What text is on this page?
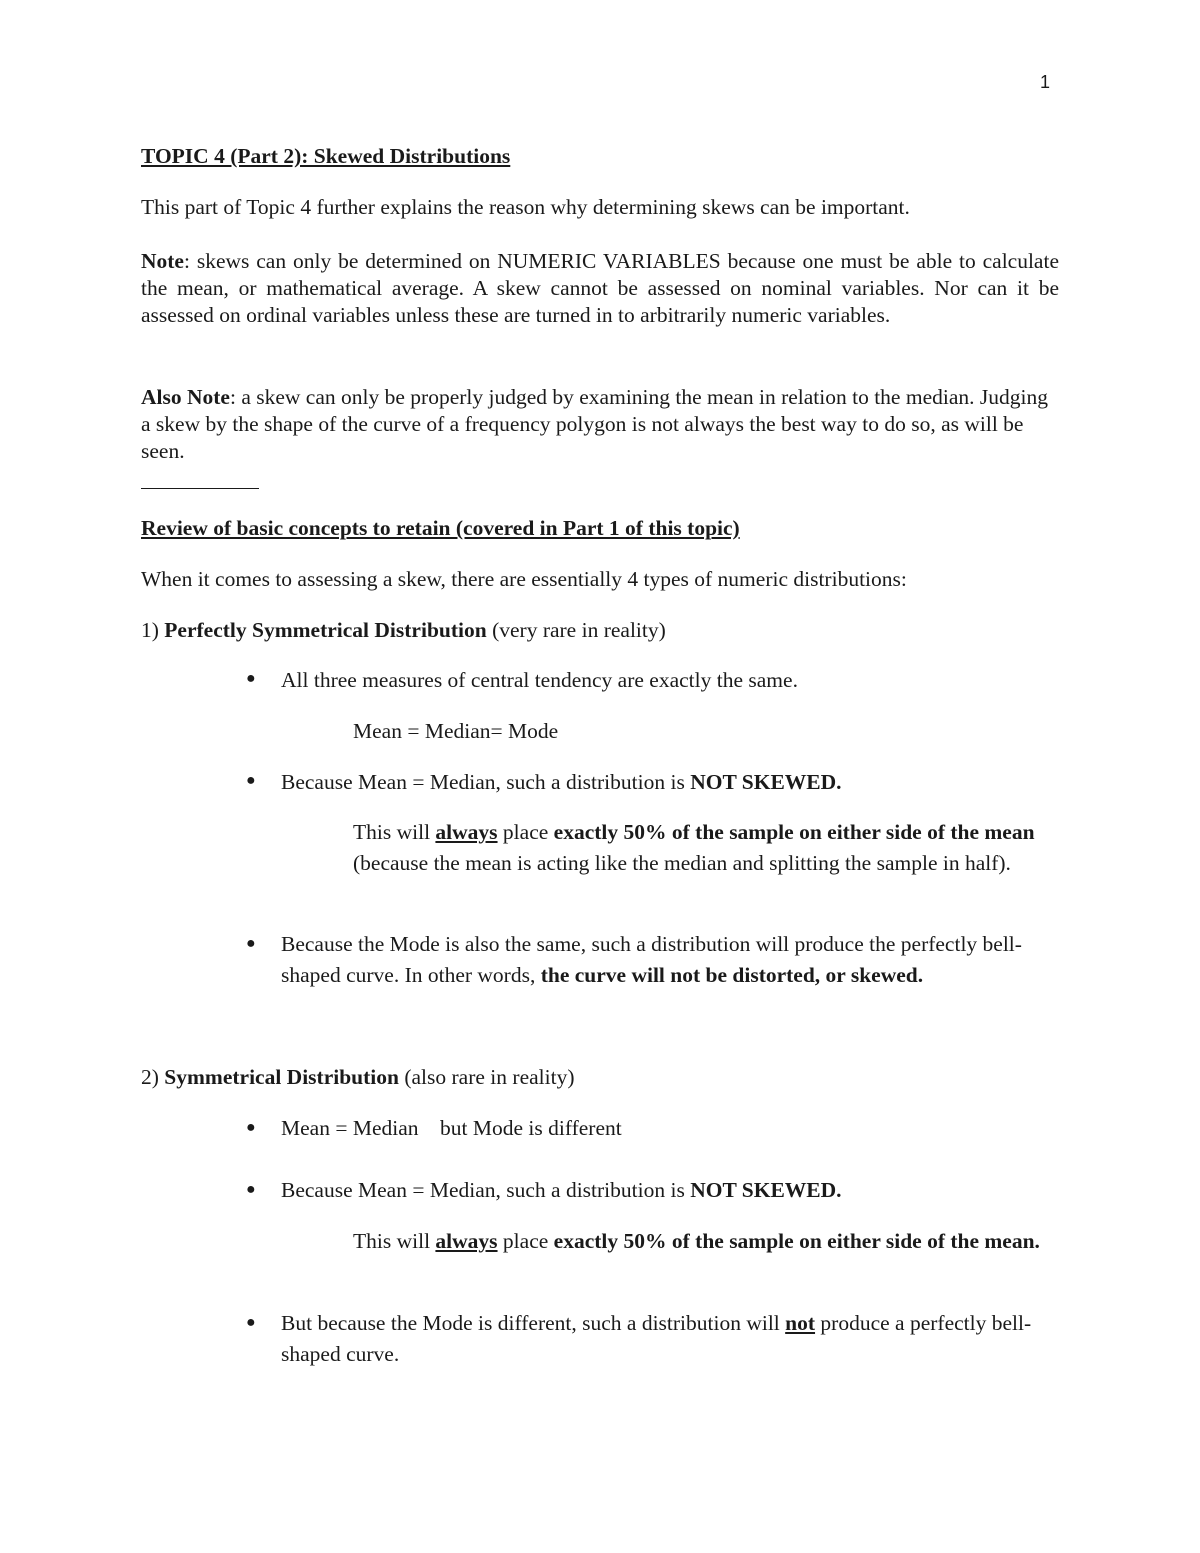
1

TOPIC 4 (Part 2): Skewed Distributions

This part of Topic 4 further explains the reason why determining skews can be important.

Note: skews can only be determined on NUMERIC VARIABLES because one must be able to calculate the mean, or mathematical average. A skew cannot be assessed on nominal variables. Nor can it be assessed on ordinal variables unless these are turned in to arbitrarily numeric variables.

Also Note: a skew can only be properly judged by examining the mean in relation to the median. Judging a skew by the shape of the curve of a frequency polygon is not always the best way to do so, as will be seen.

Review of basic concepts to retain (covered in Part 1 of this topic)

When it comes to assessing a skew, there are essentially 4 types of numeric distributions:

1) Perfectly Symmetrical Distribution (very rare in reality)

● All three measures of central tendency are exactly the same.

Mean = Median= Mode

● Because Mean = Median, such a distribution is NOT SKEWED.

This will always place exactly 50% of the sample on either side of the mean (because the mean is acting like the median and splitting the sample in half).

● Because the Mode is also the same, such a distribution will produce the perfectly bell-shaped curve. In other words, the curve will not be distorted, or skewed.

2) Symmetrical Distribution (also rare in reality)

● Mean = Median    but Mode is different

● Because Mean = Median, such a distribution is NOT SKEWED.

This will always place exactly 50% of the sample on either side of the mean.

● But because the Mode is different, such a distribution will not produce a perfectly bell-shaped curve.
